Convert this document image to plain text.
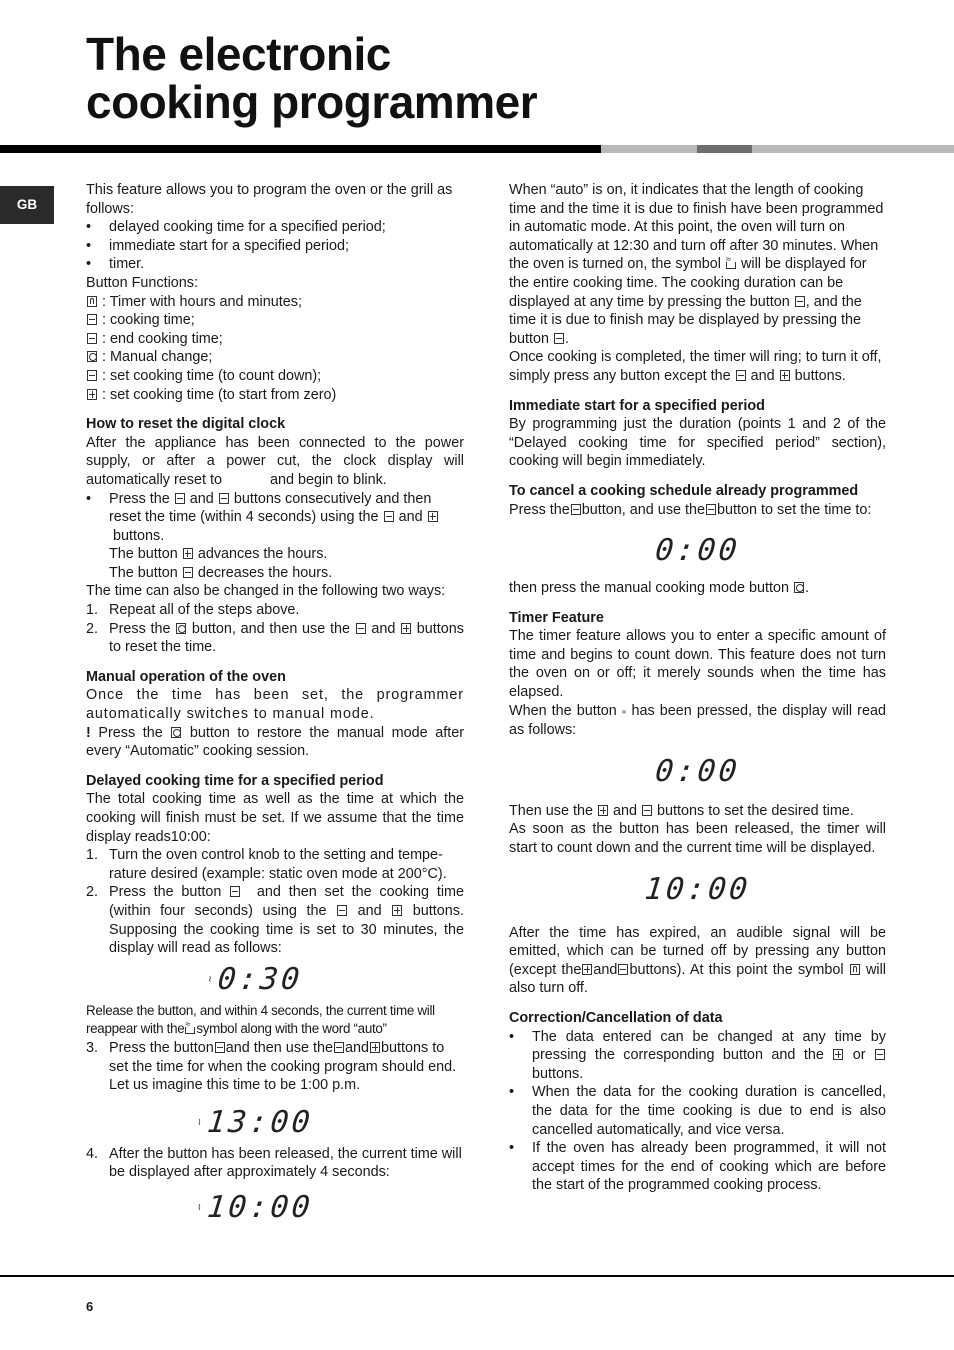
The electronic
cooking programmer
GB

This feature allows you to program the oven or the grill as follows:

• delayed cooking time for a specified period;

• immediate start for a specified period;

• timer.

Button Functions:

: Timer with hours and minutes;

: cooking time;

: end cooking time;

: Manual change;

: set cooking time (to count down);

: set cooking time (to start from zero)

How to reset the digital clock

After the appliance has been connected to the power supply, or after a power cut, the clock display will automatically reset to	and begin to blink.

• Press the and buttons consecutively and then reset the time (within 4 seconds) using the and  buttons.

The button advances the hours.

The button decreases the hours.

The time can also be changed in the following two ways:

1. Repeat all of the steps above.

2. Press the button, and then use the and buttons to reset the time.

Manual operation of the oven

Once the time has been set, the programmer automatically switches to manual mode.

! Press the button to restore the manual mode after every “Automatic” cooking session.

Delayed cooking time for a specified period

The total cooking time as well as the time at which the cooking will finish must be set. If we assume that the time display reads10:00:

1. Turn the oven control knob to the setting and tempe-rature desired (example: static oven mode at 200°C).

2. Press the button and then set the cooking time (within four seconds) using the and buttons. Supposing the cooking time is set to 30 minutes, the display will read as follows:

⌇ 0:30

Release the button, and within 4 seconds, the current time will reappear with the ≈ symbol along with the word “auto”

3. Press the button and then use the and buttons to set the time for when the cooking program should end. Let us imagine this time to be 1:00 p.m.

⌇ 13:00

4. After the button has been released, the current time will be displayed after approximately 4 seconds:

⌇ 10:00

When “auto” is on, it indicates that the length of cooking time and the time it is due to finish have been programmed in automatic mode. At this point, the oven will turn on automatically at 12:30 and turn off after 30 minutes. When the oven is turned on, the symbol ≈ will be displayed for the entire cooking time. The cooking duration can be displayed at any time by pressing the button , and the time it is due to finish may be displayed by pressing the button .

Once cooking is completed, the timer will ring; to turn it off, simply press any button except the and buttons.

Immediate start for a specified period

By programming just the duration (points 1 and 2 of the “Delayed cooking time for specified period” section), cooking will begin immediately.

To cancel a cooking schedule already programmed

Press the button, and use the button to set the time to:

0:00

then press the manual cooking mode button .

Timer Feature

The timer feature allows you to enter a specific amount of time and begins to count down. This feature does not turn the oven on or off; it merely sounds when the time has elapsed.

When the button « has been pressed, the display will read as follows:

0:00

Then use the and buttons to set the desired time.

As soon as the button has been released, the timer will start to count down and the current time will be displayed.

10:00

After the time has expired, an audible signal will be emitted, which can be turned off by pressing any button (except the and buttons). At this point the symbol will also turn off.

Correction/Cancellation of data

• The data entered can be changed at any time by pressing the corresponding button and the or  buttons.

• When the data for the cooking duration is cancelled, the data for the time cooking is due to end is also cancelled automatically, and vice versa.

• If the oven has already been programmed, it will not accept times for the end of cooking which are before the start of the programmed cooking process.

6
